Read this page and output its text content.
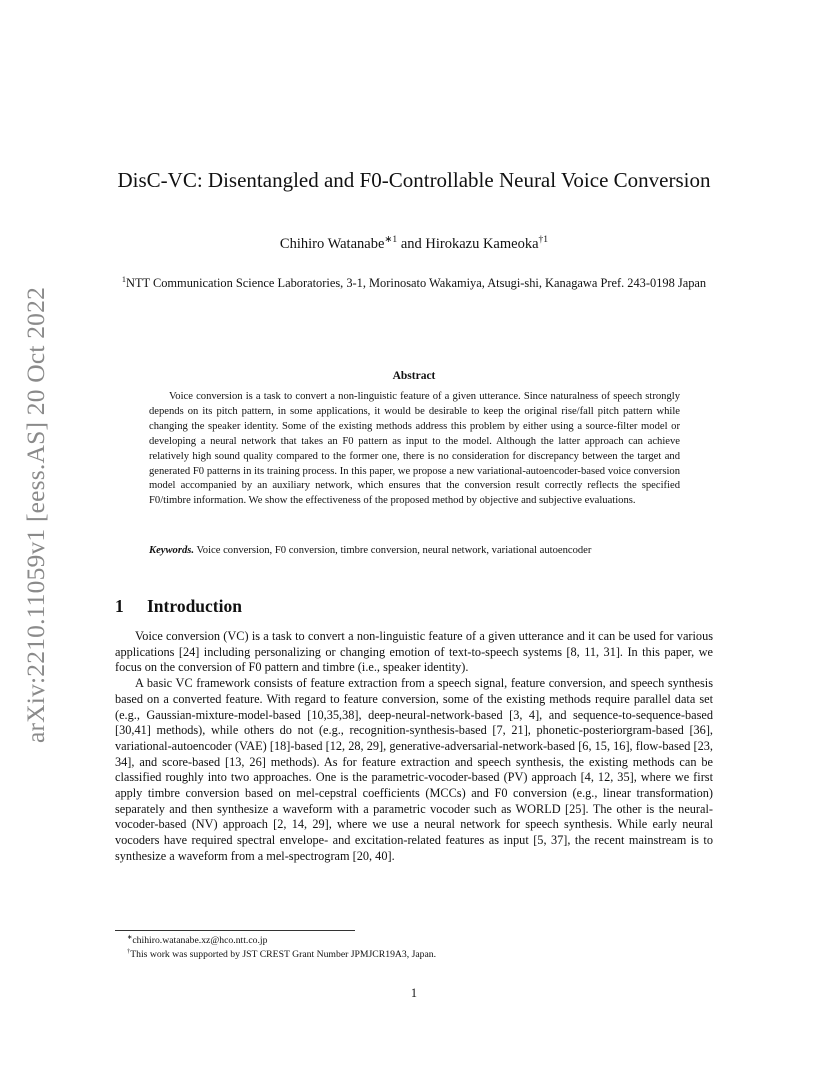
arXiv:2210.11059v1 [eess.AS] 20 Oct 2022
DisC-VC: Disentangled and F0-Controllable Neural Voice Conversion
Chihiro Watanabe$^{∗1}$ and Hirokazu Kameoka$^{\dagger 1}$
$^1$NTT Communication Science Laboratories, 3-1, Morinosato Wakamiya, Atsugi-shi, Kanagawa Pref. 243-0198 Japan
Abstract
Voice conversion is a task to convert a non-linguistic feature of a given utterance. Since naturalness of speech strongly depends on its pitch pattern, in some applications, it would be desirable to keep the original rise/fall pitch pattern while changing the speaker identity. Some of the existing methods address this problem by either using a source-filter model or developing a neural network that takes an F0 pattern as input to the model. Although the latter approach can achieve relatively high sound quality compared to the former one, there is no consideration for discrepancy between the target and generated F0 patterns in its training process. In this paper, we propose a new variational-autoencoder-based voice conversion model accompanied by an auxiliary network, which ensures that the conversion result correctly reflects the specified F0/timbre information. We show the effectiveness of the proposed method by objective and subjective evaluations.
Keywords. Voice conversion, F0 conversion, timbre conversion, neural network, variational autoencoder
1 Introduction

Voice conversion (VC) is a task to convert a non-linguistic feature of a given utterance and it can be used for various applications [24] including personalizing or changing emotion of text-to-speech systems [8, 11, 31]. In this paper, we focus on the conversion of F0 pattern and timbre (i.e., speaker identity).

A basic VC framework consists of feature extraction from a speech signal, feature conversion, and speech synthesis based on a converted feature. With regard to feature conversion, some of the existing methods require parallel data set (e.g., Gaussian-mixture-model-based [10,35,38], deep-neural-network-based [3, 4], and sequence-to-sequence-based [30,41] methods), while others do not (e.g., recognition-synthesis-based [7, 21], phonetic-posteriorgram-based [36], variational-autoencoder (VAE) [18]-based [12, 28, 29], generative-adversarial-network-based [6, 15, 16], flow-based [23, 34], and score-based [13, 26] methods). As for feature extraction and speech synthesis, the existing methods can be classified roughly into two approaches. One is the parametric-vocoder-based (PV) approach [4, 12, 35], where we first apply timbre conversion based on mel-cepstral coefficients (MCCs) and F0 conversion (e.g., linear transformation) separately and then synthesize a waveform with a parametric vocoder such as WORLD [25]. The other is the neural-vocoder-based (NV) approach [2, 14, 29], where we use a neural network for speech synthesis. While early neural vocoders have required spectral envelope- and excitation-related features as input [5, 37], the recent mainstream is to synthesize a waveform from a mel-spectrogram [20, 40].

∗chihiro.watanabe.xz@hco.ntt.co.jp
†This work was supported by JST CREST Grant Number JPMJCR19A3, Japan.
1
